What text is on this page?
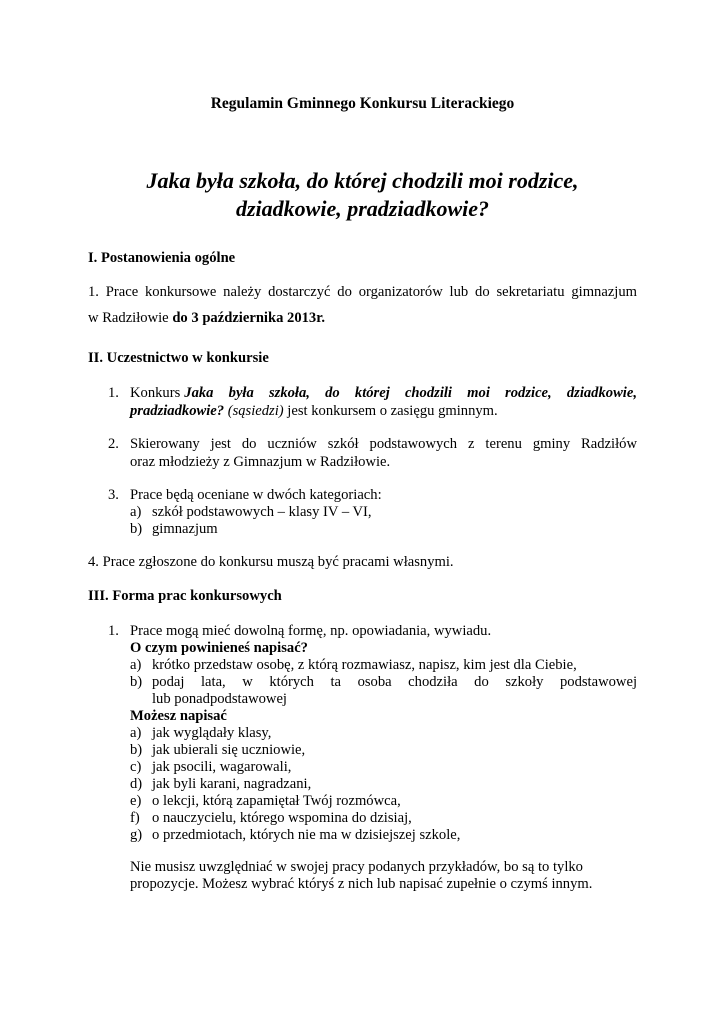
Regulamin Gminnego Konkursu Literackiego
Jaka była szkoła, do której chodzili moi rodzice,
dziadkowie, pradziadkowie?
I. Postanowienia ogólne
1. Prace konkursowe należy dostarczyć do organizatorów lub do sekretariatu gimnazjum
w Radziłowie do 3 października 2013r.
II. Uczestnictwo w konkursie
1. Konkurs Jaka była szkoła, do której chodzili moi rodzice, dziadkowie,
pradziadkowie? (sąsiedzi) jest konkursem o zasięgu gminnym.
2. Skierowany jest do uczniów szkół podstawowych z terenu gminy Radziłów
oraz młodzieży z Gimnazjum w Radziłowie.
3. Prace będą oceniane w dwóch kategoriach:
a) szkół podstawowych – klasy IV – VI,
b) gimnazjum
4. Prace zgłoszone do konkursu muszą być pracami własnymi.
III. Forma prac konkursowych
1. Prace mogą mieć dowolną formę, np. opowiadania, wywiadu.
O czym powinieneś napisać?
a) krótko przedstaw osobę, z którą rozmawiasz, napisz, kim jest dla Ciebie,
b) podaj lata, w których ta osoba chodziła do szkoły podstawowej
lub ponadpodstawowej
Możesz napisać
a) jak wyglądały klasy,
b) jak ubierali się uczniowie,
c) jak psocili, wagarowali,
d) jak byli karani, nagradzani,
e) o lekcji, którą zapamiętał Twój rozmówca,
f) o nauczycielu, którego wspomina do dzisiaj,
g) o przedmiotach, których nie ma w dzisiejszej szkole,
Nie musisz uwzględniać w swojej pracy podanych przykładów, bo są to tylko
propozycje. Możesz wybrać któryś z nich lub napisać zupełnie o czymś innym.
